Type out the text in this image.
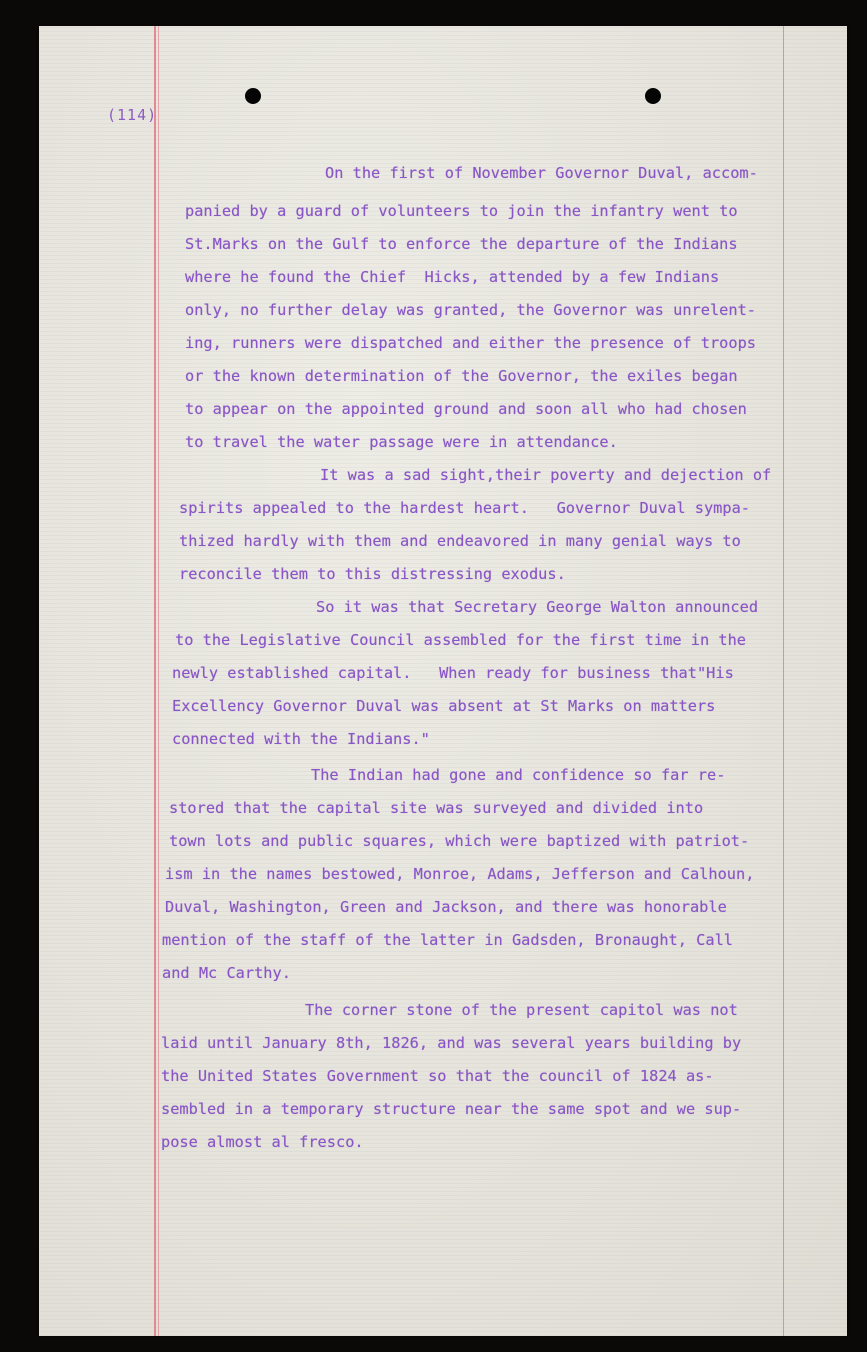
(114)
On the first of November Governor Duval, accom-
panied by a guard of volunteers to join the infantry went to
St.Marks on the Gulf to enforce the departure of the Indians
where he found the Chief  Hicks, attended by a few Indians
only, no further delay was granted, the Governor was unrelent-
ing, runners were dispatched and either the presence of troops
or the known determination of the Governor, the exiles began
to appear on the appointed ground and soon all who had chosen
to travel the water passage were in attendance.
It was a sad sight,their poverty and dejection of
spirits appealed to the hardest heart.   Governor Duval sympa-
thized hardly with them and endeavored in many genial ways to
reconcile them to this distressing exodus.
So it was that Secretary George Walton announced
to the Legislative Council assembled for the first time in the
newly established capital.   When ready for business that"His
Excellency Governor Duval was absent at St Marks on matters
connected with the Indians."
The Indian had gone and confidence so far re-
stored that the capital site was surveyed and divided into
town lots and public squares, which were baptized with patriot-
ism in the names bestowed, Monroe, Adams, Jefferson and Calhoun,
Duval, Washington, Green and Jackson, and there was honorable
mention of the staff of the latter in Gadsden, Bronaught, Call
and Mc Carthy.
The corner stone of the present capitol was not
laid until January 8th, 1826, and was several years building by
the United States Government so that the council of 1824 as-
sembled in a temporary structure near the same spot and we sup-
pose almost al fresco.
